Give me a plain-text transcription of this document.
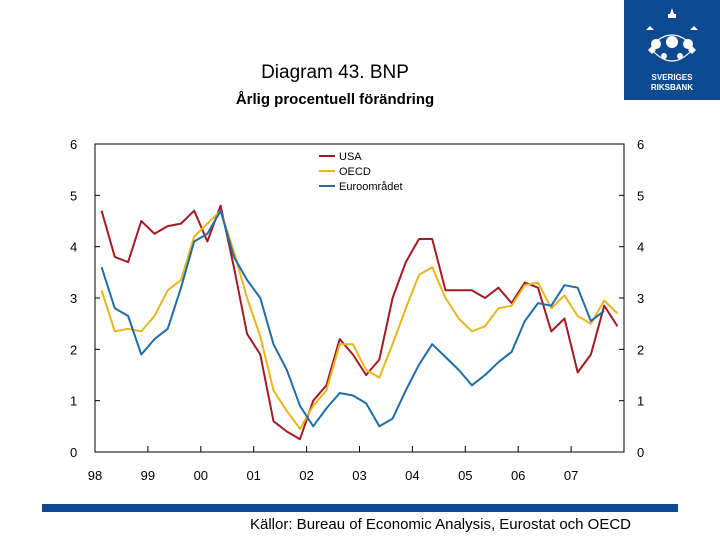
SVERIGES
RIKSBANK
Diagram 43. BNP
Årlig procentuell förändring
0
1
2
3
4
5
6
0
1
2
3
4
5
6
98	99	00	01	02	03	04	05	06	07
USA
OECD
Euroområdet
Källor: Bureau of Economic Analysis, Eurostat och OECD
